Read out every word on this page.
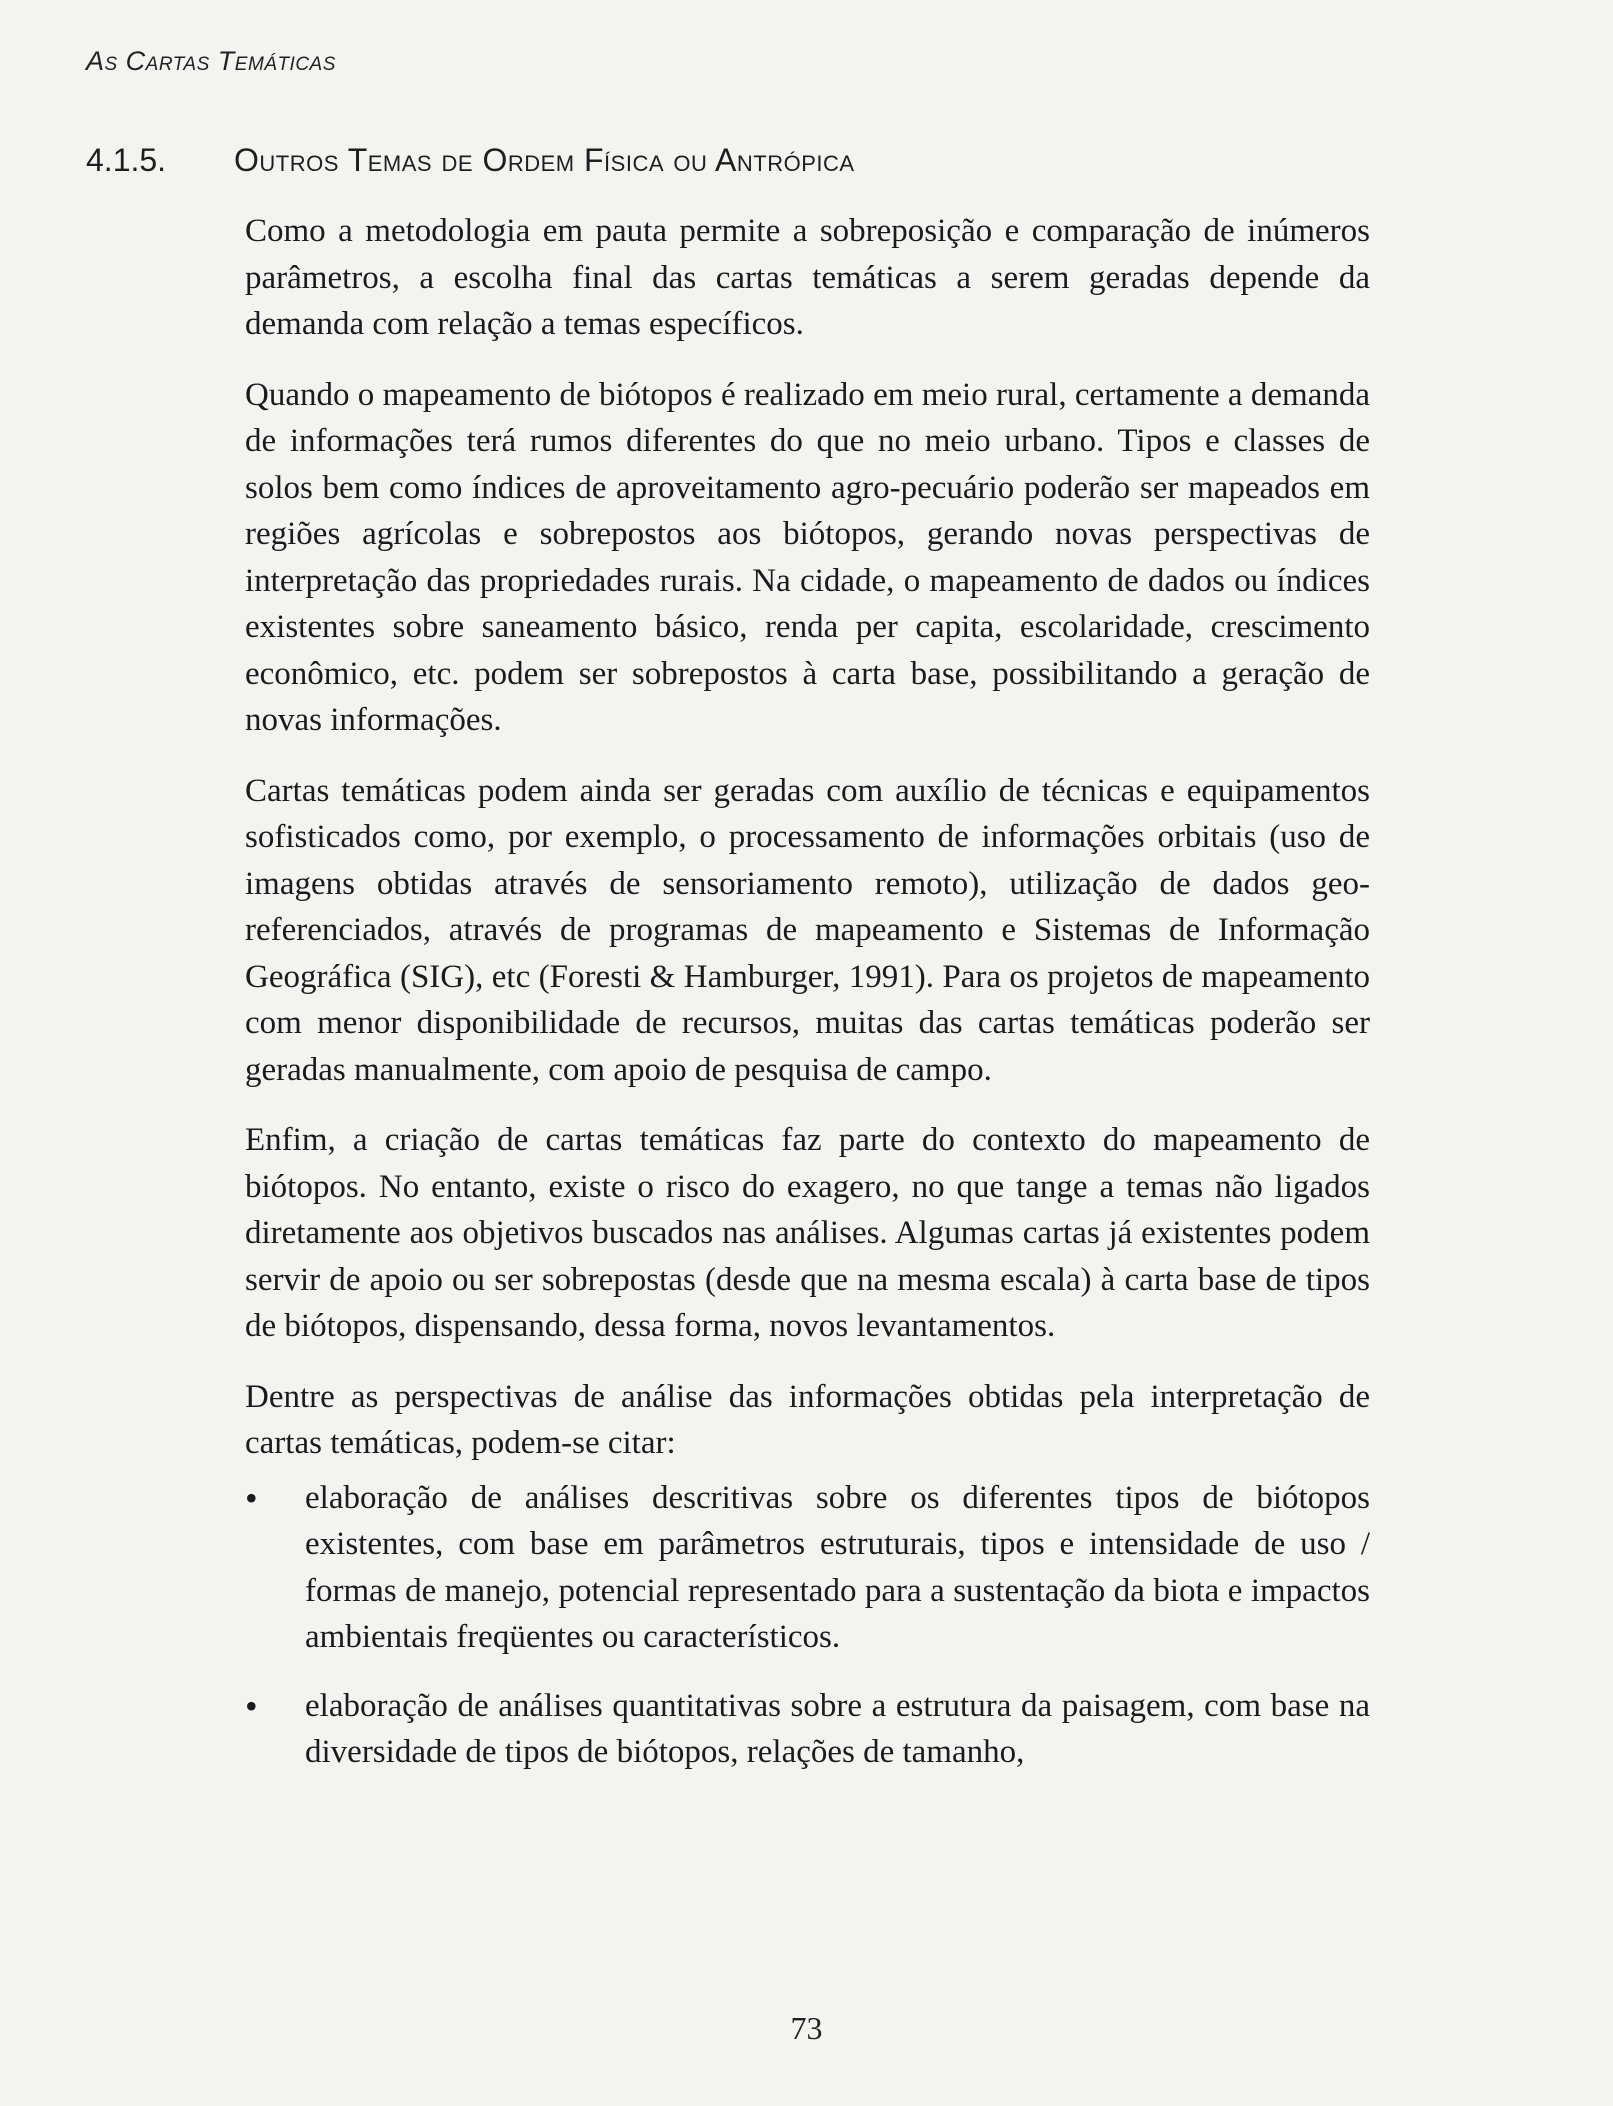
As Cartas Temáticas
4.1.5. Outros Temas de Ordem Física ou Antrópica

Como a metodologia em pauta permite a sobreposição e comparação de inúmeros parâmetros, a escolha final das cartas temáticas a serem geradas depende da demanda com relação a temas específicos.

Quando o mapeamento de biótopos é realizado em meio rural, certamente a demanda de informações terá rumos diferentes do que no meio urbano. Tipos e classes de solos bem como índices de aproveitamento agro-pecuário poderão ser mapeados em regiões agrícolas e sobrepostos aos biótopos, gerando novas perspectivas de interpretação das propriedades rurais. Na cidade, o mapeamento de dados ou índices existentes sobre saneamento básico, renda per capita, escolaridade, crescimento econômico, etc. podem ser sobrepostos à carta base, possibilitando a geração de novas informações.

Cartas temáticas podem ainda ser geradas com auxílio de técnicas e equipamentos sofisticados como, por exemplo, o processamento de informações orbitais (uso de imagens obtidas através de sensoriamento remoto), utilização de dados geo-referenciados, através de programas de mapeamento e Sistemas de Informação Geográfica (SIG), etc (Foresti & Hamburger, 1991). Para os projetos de mapeamento com menor disponibilidade de recursos, muitas das cartas temáticas poderão ser geradas manualmente, com apoio de pesquisa de campo.

Enfim, a criação de cartas temáticas faz parte do contexto do mapeamento de biótopos. No entanto, existe o risco do exagero, no que tange a temas não ligados diretamente aos objetivos buscados nas análises. Algumas cartas já existentes podem servir de apoio ou ser sobrepostas (desde que na mesma escala) à carta base de tipos de biótopos, dispensando, dessa forma, novos levantamentos.

Dentre as perspectivas de análise das informações obtidas pela interpretação de cartas temáticas, podem-se citar:

•	elaboração de análises descritivas sobre os diferentes tipos de biótopos existentes, com base em parâmetros estruturais, tipos e intensidade de uso / formas de manejo, potencial representado para a sustentação da biota e impactos ambientais freqüentes ou característicos.
•	elaboração de análises quantitativas sobre a estrutura da paisagem, com base na diversidade de tipos de biótopos, relações de tamanho,
73
